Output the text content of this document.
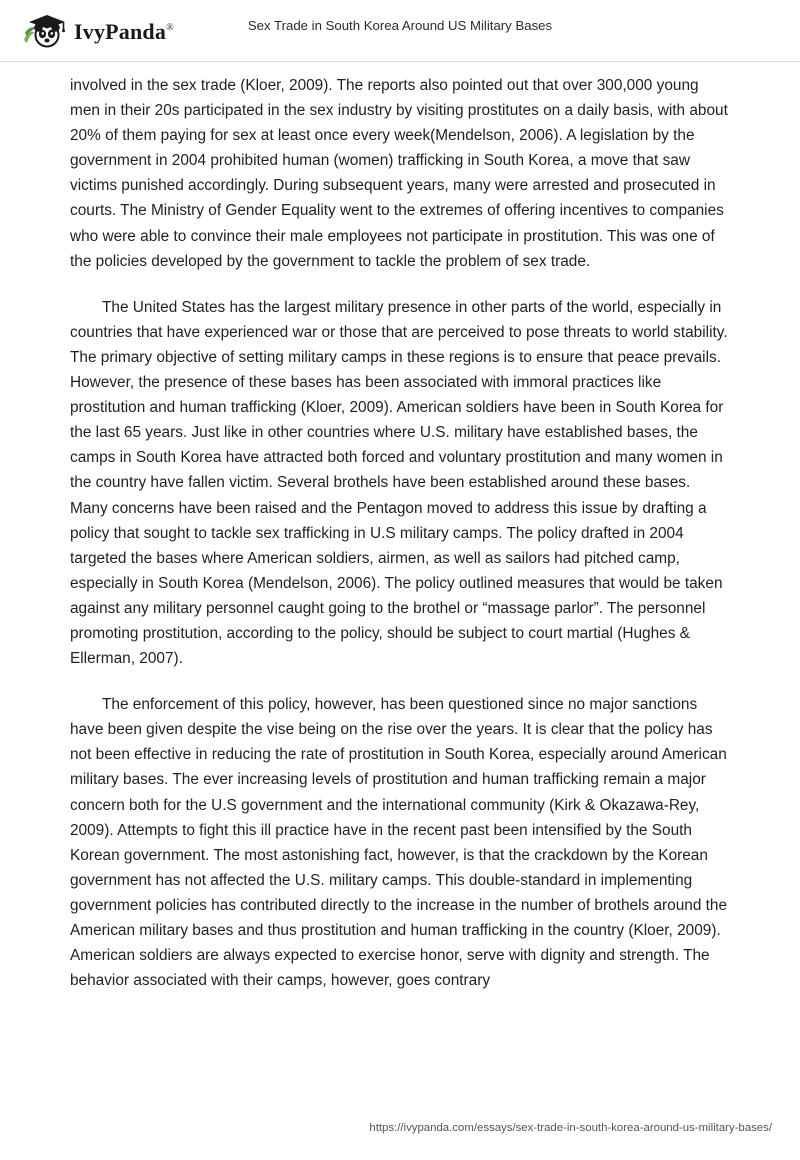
IvyPanda®	Sex Trade in South Korea Around US Military Bases

involved in the sex trade (Kloer, 2009). The reports also pointed out that over 300,000 young men in their 20s participated in the sex industry by visiting prostitutes on a daily basis, with about 20% of them paying for sex at least once every week(Mendelson, 2006). A legislation by the government in 2004 prohibited human (women) trafficking in South Korea, a move that saw victims punished accordingly. During subsequent years, many were arrested and prosecuted in courts. The Ministry of Gender Equality went to the extremes of offering incentives to companies who were able to convince their male employees not participate in prostitution. This was one of the policies developed by the government to tackle the problem of sex trade.

The United States has the largest military presence in other parts of the world, especially in countries that have experienced war or those that are perceived to pose threats to world stability. The primary objective of setting military camps in these regions is to ensure that peace prevails. However, the presence of these bases has been associated with immoral practices like prostitution and human trafficking (Kloer, 2009). American soldiers have been in South Korea for the last 65 years. Just like in other countries where U.S. military have established bases, the camps in South Korea have attracted both forced and voluntary prostitution and many women in the country have fallen victim. Several brothels have been established around these bases. Many concerns have been raised and the Pentagon moved to address this issue by drafting a policy that sought to tackle sex trafficking in U.S military camps. The policy drafted in 2004 targeted the bases where American soldiers, airmen, as well as sailors had pitched camp, especially in South Korea (Mendelson, 2006). The policy outlined measures that would be taken against any military personnel caught going to the brothel or “massage parlor”. The personnel promoting prostitution, according to the policy, should be subject to court martial (Hughes & Ellerman, 2007).

The enforcement of this policy, however, has been questioned since no major sanctions have been given despite the vise being on the rise over the years. It is clear that the policy has not been effective in reducing the rate of prostitution in South Korea, especially around American military bases. The ever increasing levels of prostitution and human trafficking remain a major concern both for the U.S government and the international community (Kirk & Okazawa-Rey, 2009). Attempts to fight this ill practice have in the recent past been intensified by the South Korean government. The most astonishing fact, however, is that the crackdown by the Korean government has not affected the U.S. military camps. This double-standard in implementing government policies has contributed directly to the increase in the number of brothels around the American military bases and thus prostitution and human trafficking in the country (Kloer, 2009). American soldiers are always expected to exercise honor, serve with dignity and strength. The behavior associated with their camps, however, goes contrary

https://ivypanda.com/essays/sex-trade-in-south-korea-around-us-military-bases/
